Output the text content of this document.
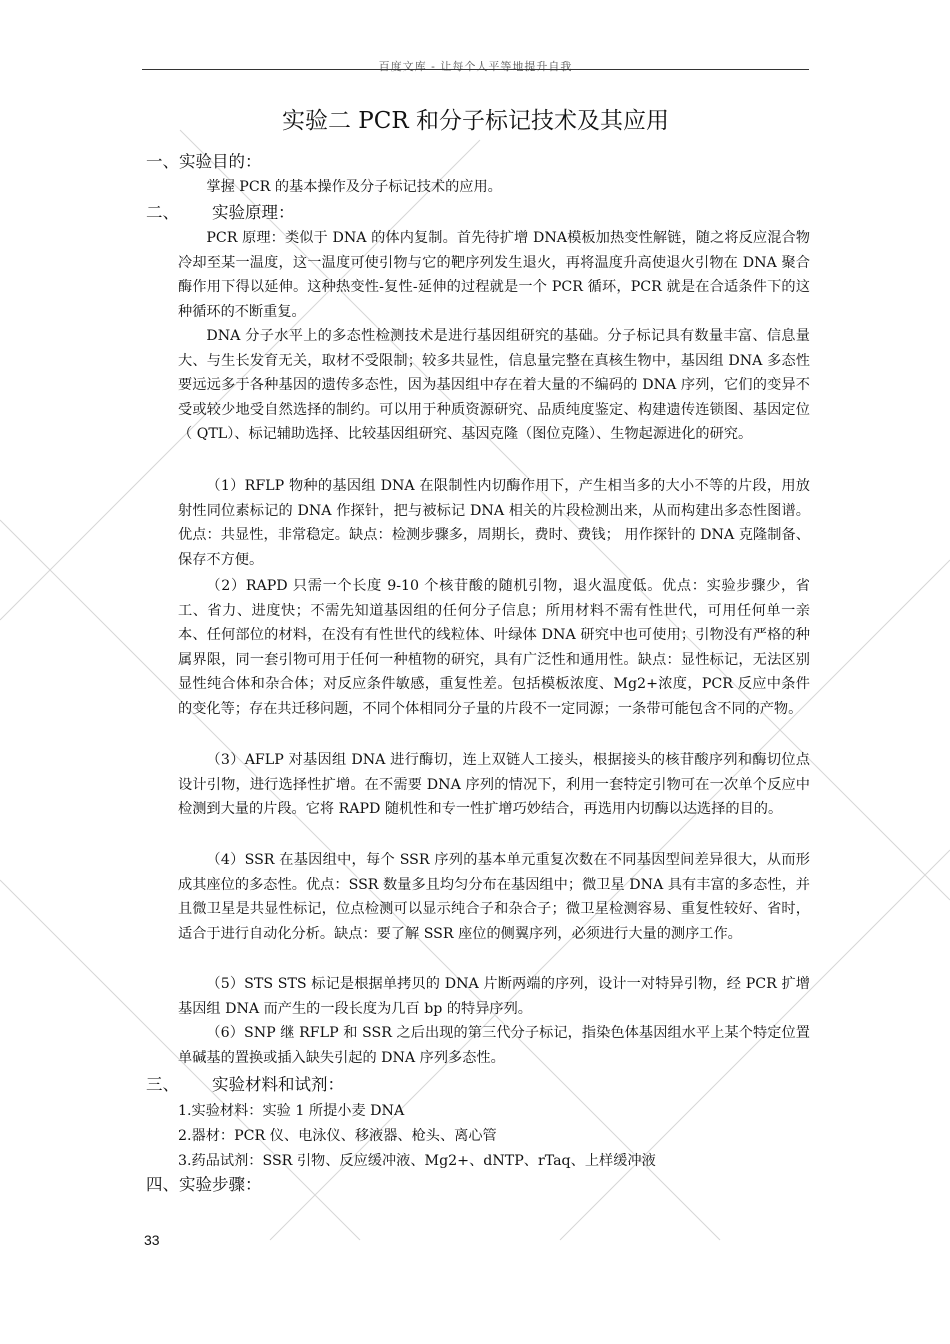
百度文库 - 让每个人平等地提升自我
实验二 PCR 和分子标记技术及其应用
一、实验目的：
掌握 PCR 的基本操作及分子标记技术的应用。
二、 实验原理：
PCR 原理：类似于 DNA 的体内复制。首先待扩增 DNA模板加热变性解链，随之将反应混合物冷却至某一温度，这一温度可使引物与它的靶序列发生退火，再将温度升高使退火引物在 DNA 聚合酶作用下得以延伸。这种热变性-复性-延伸的过程就是一个 PCR 循环，PCR 就是在合适条件下的这种循环的不断重复。
DNA 分子水平上的多态性检测技术是进行基因组研究的基础。分子标记具有数量丰富、信息量大、与生长发育无关，取材不受限制；较多共显性，信息量完整在真核生物中，基因组 DNA 多态性要远远多于各种基因的遗传多态性，因为基因组中存在着大量的不编码的 DNA 序列，它们的变异不受或较少地受自然选择的制约。可以用于种质资源研究、品质纯度鉴定、构建遗传连锁图、基因定位（ QTL）、标记辅助选择、比较基因组研究、基因克隆（图位克隆）、生物起源进化的研究。
（1）RFLP 物种的基因组 DNA 在限制性内切酶作用下，产生相当多的大小不等的片段，用放射性同位素标记的 DNA 作探针，把与被标记 DNA 相关的片段检测出来，从而构建出多态性图谱。优点：共显性，非常稳定。缺点：检测步骤多，周期长，费时、费钱； 用作探针的 DNA 克隆制备、保存不方便。
（2）RAPD 只需一个长度 9-10 个核苷酸的随机引物，退火温度低。优点：实验步骤少，省工、省力、进度快；不需先知道基因组的任何分子信息；所用材料不需有性世代，可用任何单一亲本、任何部位的材料，在没有有性世代的线粒体、叶绿体 DNA 研究中也可使用；引物没有严格的种属界限，同一套引物可用于任何一种植物的研究，具有广泛性和通用性。缺点：显性标记，无法区别显性纯合体和杂合体；对反应条件敏感，重复性差。包括模板浓度、Mg2+浓度，PCR 反应中条件的变化等；存在共迁移问题，不同个体相同分子量的片段不一定同源；一条带可能包含不同的产物。
（3）AFLP 对基因组 DNA 进行酶切，连上双链人工接头，根据接头的核苷酸序列和酶切位点设计引物，进行选择性扩增。在不需要 DNA 序列的情况下，利用一套特定引物可在一次单个反应中检测到大量的片段。它将 RAPD 随机性和专一性扩增巧妙结合，再选用内切酶以达选择的目的。
（4）SSR 在基因组中，每个 SSR 序列的基本单元重复次数在不同基因型间差异很大，从而形成其座位的多态性。优点：SSR 数量多且均匀分布在基因组中；微卫星 DNA 具有丰富的多态性，并且微卫星是共显性标记，位点检测可以显示纯合子和杂合子；微卫星检测容易、重复性较好、省时，适合于进行自动化分析。缺点：要了解 SSR 座位的侧翼序列，必须进行大量的测序工作。
（5）STS STS 标记是根据单拷贝的 DNA 片断两端的序列，设计一对特异引物，经 PCR 扩增基因组 DNA 而产生的一段长度为几百 bp 的特异序列。
（6）SNP 继 RFLP 和 SSR 之后出现的第三代分子标记，指染色体基因组水平上某个特定位置单碱基的置换或插入缺失引起的 DNA 序列多态性。
三、 实验材料和试剂：
1.实验材料：实验 1 所提小麦 DNA
2.器材：PCR 仪、电泳仪、移液器、枪头、离心管
3.药品试剂：SSR 引物、反应缓冲液、Mg2+、dNTP、rTaq、上样缓冲液
四、实验步骤：
33
